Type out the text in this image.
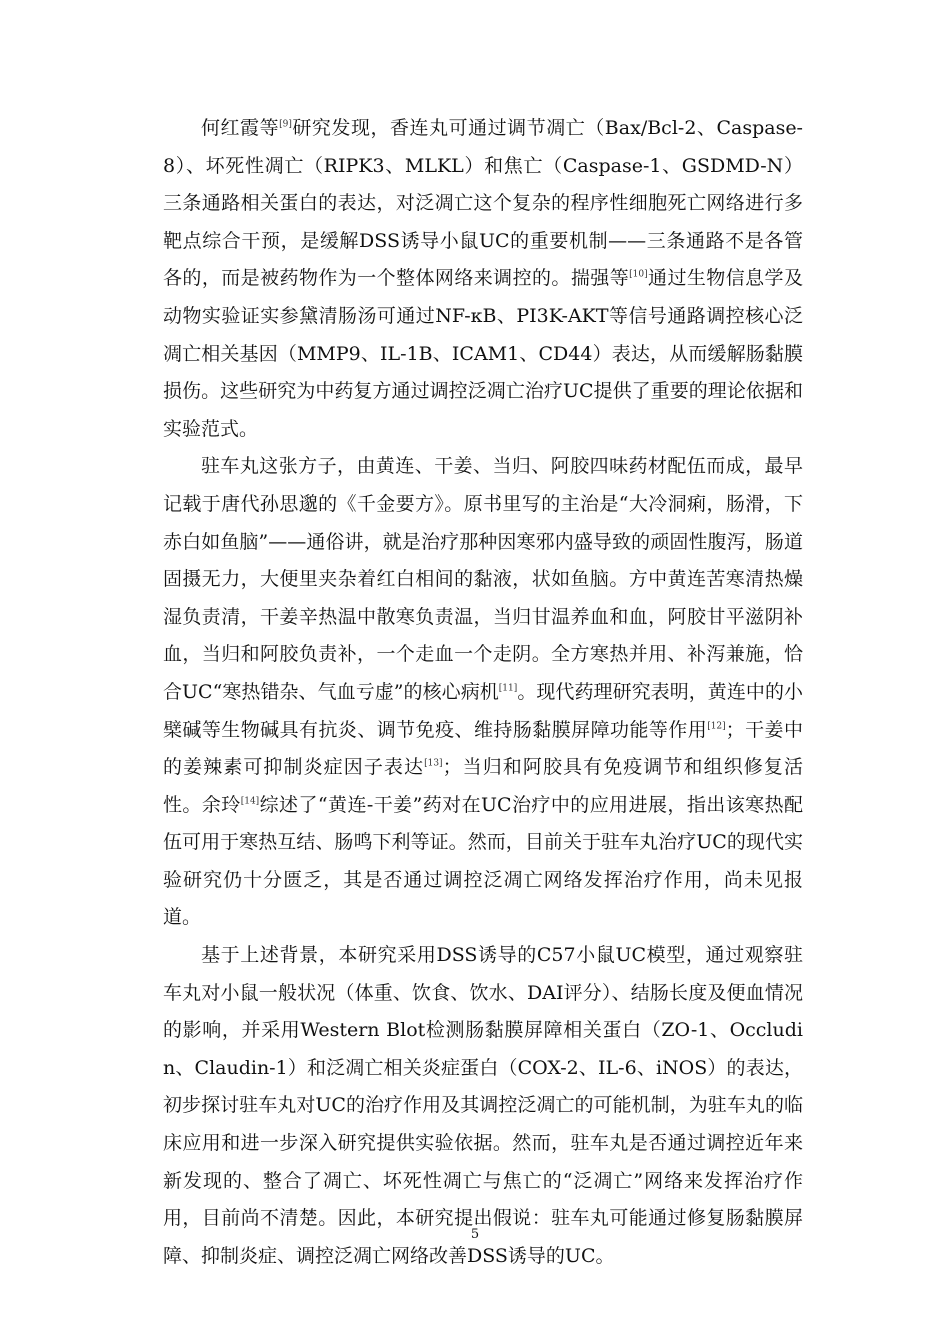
何红霞等[9]研究发现，香连丸可通过调节凋亡（Bax/Bcl-2、Caspase-8）、坏死性凋亡（RIPK3、MLKL）和焦亡（Caspase-1、GSDMD-N）三条通路相关蛋白的表达，对泛凋亡这个复杂的程序性细胞死亡网络进行多靶点综合干预，是缓解DSS诱导小鼠UC的重要机制——三条通路不是各管各的，而是被药物作为一个整体网络来调控的。揣强等[10]通过生物信息学及动物实验证实参黛清肠汤可通过NF-κB、PI3K-AKT等信号通路调控核心泛凋亡相关基因（MMP9、IL-1B、ICAM1、CD44）表达，从而缓解肠黏膜损伤。这些研究为中药复方通过调控泛凋亡治疗UC提供了重要的理论依据和实验范式。

驻车丸这张方子，由黄连、干姜、当归、阿胶四味药材配伍而成，最早记载于唐代孙思邈的《千金要方》。原书里写的主治是“大冷洞痢，肠滑，下赤白如鱼脑”——通俗讲，就是治疗那种因寒邪内盛导致的顽固性腹泻，肠道固摄无力，大便里夹杂着红白相间的黏液，状如鱼脑。方中黄连苦寒清热燥湿负责清，干姜辛热温中散寒负责温，当归甘温养血和血，阿胶甘平滋阴补血，当归和阿胶负责补，一个走血一个走阴。全方寒热并用、补泻兼施，恰合UC“寒热错杂、气血亏虚”的核心病机[11]。现代药理研究表明，黄连中的小檗碱等生物碱具有抗炎、调节免疫、维持肠黏膜屏障功能等作用[12]；干姜中的姜辣素可抑制炎症因子表达[13]；当归和阿胶具有免疫调节和组织修复活性。余玲[14]综述了“黄连-干姜”药对在UC治疗中的应用进展，指出该寒热配伍可用于寒热互结、肠鸣下利等证。然而，目前关于驻车丸治疗UC的现代实验研究仍十分匮乏，其是否通过调控泛凋亡网络发挥治疗作用，尚未见报道。

基于上述背景，本研究采用DSS诱导的C57小鼠UC模型，通过观察驻车丸对小鼠一般状况（体重、饮食、饮水、DAI评分）、结肠长度及便血情况的影响，并采用Western Blot检测肠黏膜屏障相关蛋白（ZO-1、Occludin、Claudin-1）和泛凋亡相关炎症蛋白（COX-2、IL-6、iNOS）的表达，初步探讨驻车丸对UC的治疗作用及其调控泛凋亡的可能机制，为驻车丸的临床应用和进一步深入研究提供实验依据。然而，驻车丸是否通过调控近年来新发现的、整合了凋亡、坏死性凋亡与焦亡的“泛凋亡”网络来发挥治疗作用，目前尚不清楚。因此，本研究提出假说：驻车丸可能通过修复肠黏膜屏障、抑制炎症、调控泛凋亡网络改善DSS诱导的UC。

5
